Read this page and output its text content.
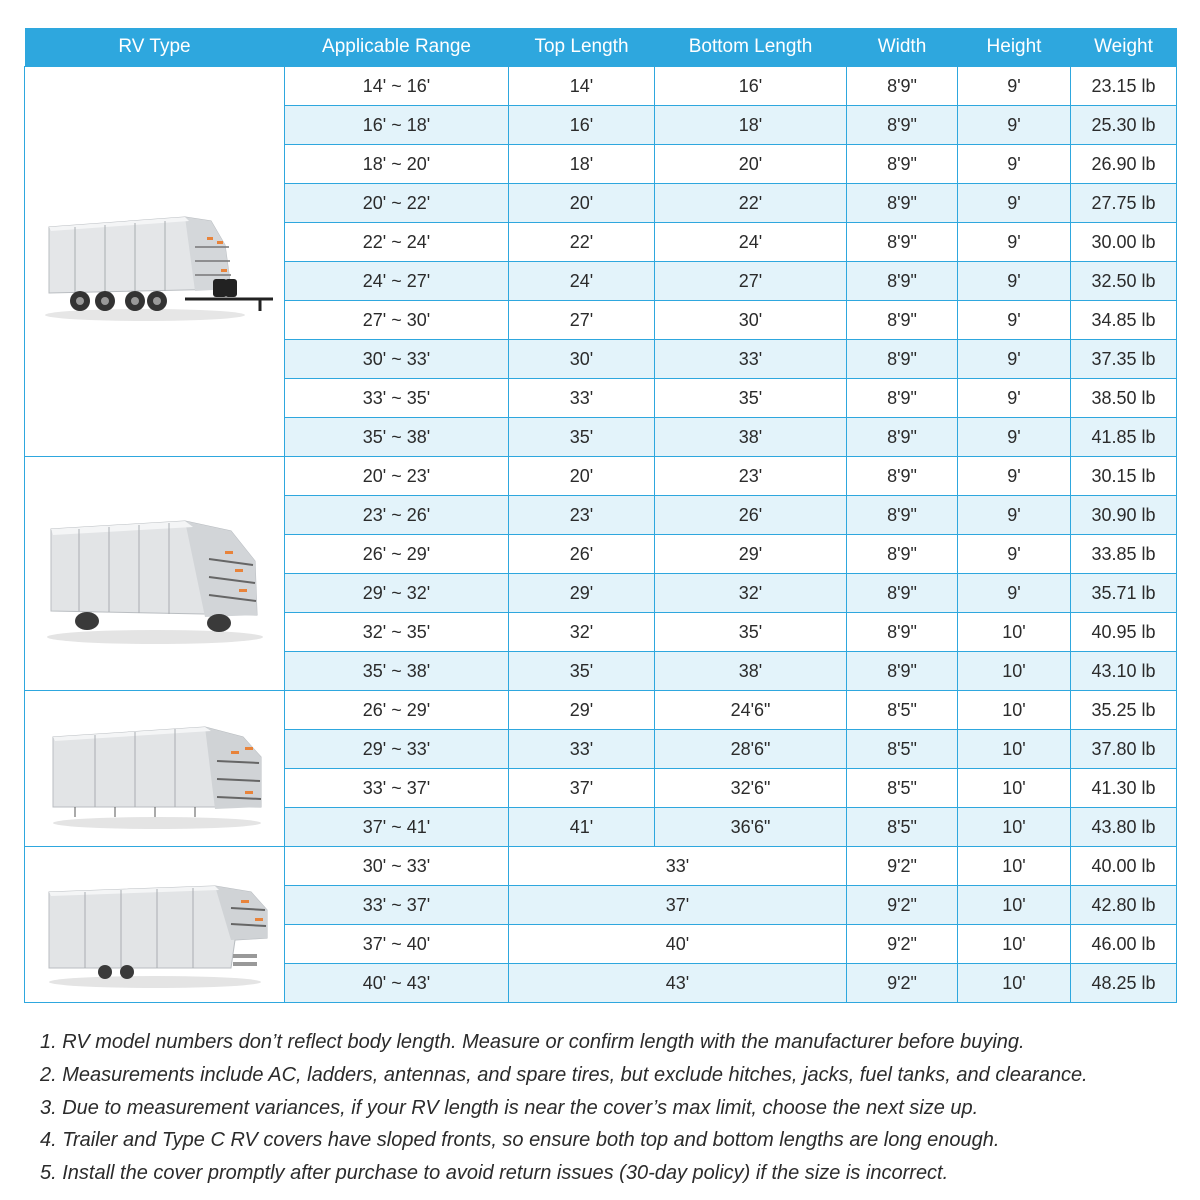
RV Type	Applicable Range	Top Length	Bottom Length	Width	Height	Weight

	14' ~ 16'	14'	16'	8'9"	9'	23.15 lb
	16' ~ 18'	16'	18'	8'9"	9'	25.30 lb
	18' ~ 20'	18'	20'	8'9"	9'	26.90 lb
	20' ~ 22'	20'	22'	8'9"	9'	27.75 lb
	22' ~ 24'	22'	24'	8'9"	9'	30.00 lb
	24' ~ 27'	24'	27'	8'9"	9'	32.50 lb
	27' ~ 30'	27'	30'	8'9"	9'	34.85 lb
	30' ~ 33'	30'	33'	8'9"	9'	37.35 lb
	33' ~ 35'	33'	35'	8'9"	9'	38.50 lb
	35' ~ 38'	35'	38'	8'9"	9'	41.85 lb

	20' ~ 23'	20'	23'	8'9"	9'	30.15 lb
	23' ~ 26'	23'	26'	8'9"	9'	30.90 lb
	26' ~ 29'	26'	29'	8'9"	9'	33.85 lb
	29' ~ 32'	29'	32'	8'9"	9'	35.71 lb
	32' ~ 35'	32'	35'	8'9"	10'	40.95 lb
	35' ~ 38'	35'	38'	8'9"	10'	43.10 lb

	26' ~ 29'	29'	24'6"	8'5"	10'	35.25 lb
	29' ~ 33'	33'	28'6"	8'5"	10'	37.80 lb
	33' ~ 37'	37'	32'6"	8'5"	10'	41.30 lb
	37' ~ 41'	41'	36'6"	8'5"	10'	43.80 lb

	30' ~ 33'	33'		9'2"	10'	40.00 lb
	33' ~ 37'	37'		9'2"	10'	42.80 lb
	37' ~ 40'	40'		9'2"	10'	46.00 lb
	40' ~ 43'	43'		9'2"	10'	48.25 lb
1. RV model numbers don’t reflect body length. Measure or confirm length with the manufacturer before buying.
2. Measurements include AC, ladders, antennas, and spare tires, but exclude hitches, jacks, fuel tanks, and clearance.
3. Due to measurement variances, if your RV length is near the cover’s max limit, choose the next size up.
4. Trailer and Type C RV covers have sloped fronts, so ensure both top and bottom lengths are long enough.
5. Install the cover promptly after purchase to avoid return issues (30-day policy) if the size is incorrect.
